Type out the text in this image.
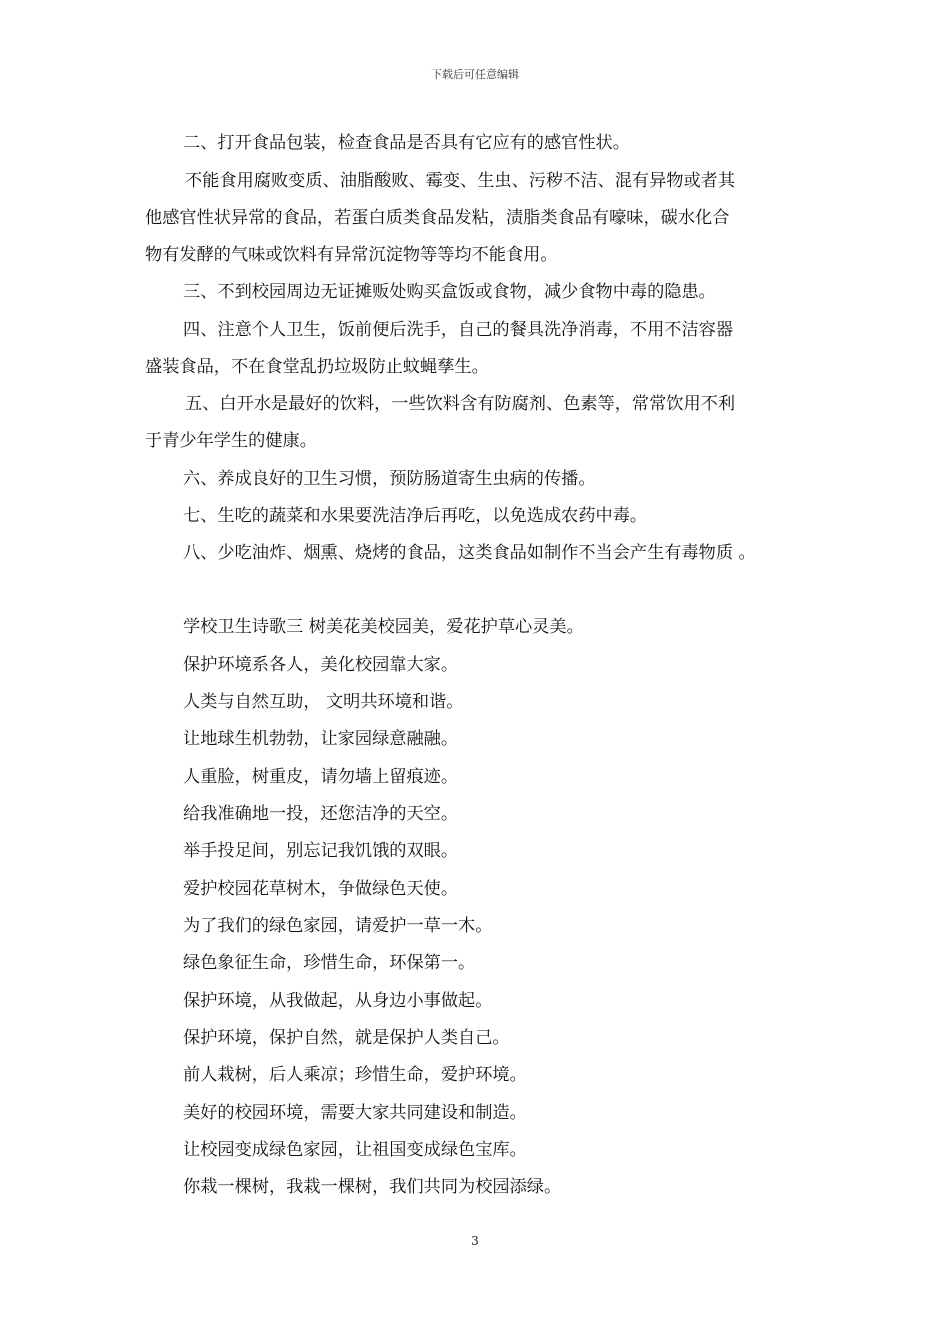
下载后可任意编辑
二、打开食品包装，检查食品是否具有它应有的感官性状。
不能食用腐败变质、油脂酸败、霉变、生虫、污秽不洁、混有异物或者其
他感官性状异常的食品，若蛋白质类食品发粘，渍脂类食品有嚎味，碳水化合
物有发酵的气味或饮料有异常沉淀物等等均不能食用。
三、不到校园周边无证摊贩处购买盒饭或食物，减少食物中毒的隐患。
四、注意个人卫生，饭前便后洗手，自己的餐具洗净消毒，不用不洁容器
盛装食品，不在食堂乱扔垃圾防止蚊蝇孳生。
五、白开水是最好的饮料，一些饮料含有防腐剂、色素等，常常饮用不利
于青少年学生的健康。
六、养成良好的卫生习惯，预防肠道寄生虫病的传播。
七、生吃的蔬菜和水果要洗洁净后再吃，以免选成农药中毒。
八、少吃油炸、烟熏、烧烤的食品，这类食品如制作不当会产生有毒物质 。
学校卫生诗歌三 树美花美校园美，爱花护草心灵美。
保护环境系各人，美化校园靠大家。
人类与自然互助， 文明共环境和谐。
让地球生机勃勃，让家园绿意融融。
人重脸，树重皮，请勿墙上留痕迹。
给我准确地一投，还您洁净的天空。
举手投足间，别忘记我饥饿的双眼。
爱护校园花草树木，争做绿色天使。
为了我们的绿色家园，请爱护一草一木。
绿色象征生命，珍惜生命，环保第一。
保护环境，从我做起，从身边小事做起。
保护环境，保护自然，就是保护人类自己。
前人栽树，后人乘凉；珍惜生命，爱护环境。
美好的校园环境，需要大家共同建设和制造。
让校园变成绿色家园，让祖国变成绿色宝库。
你栽一棵树，我栽一棵树，我们共同为校园添绿。
3
